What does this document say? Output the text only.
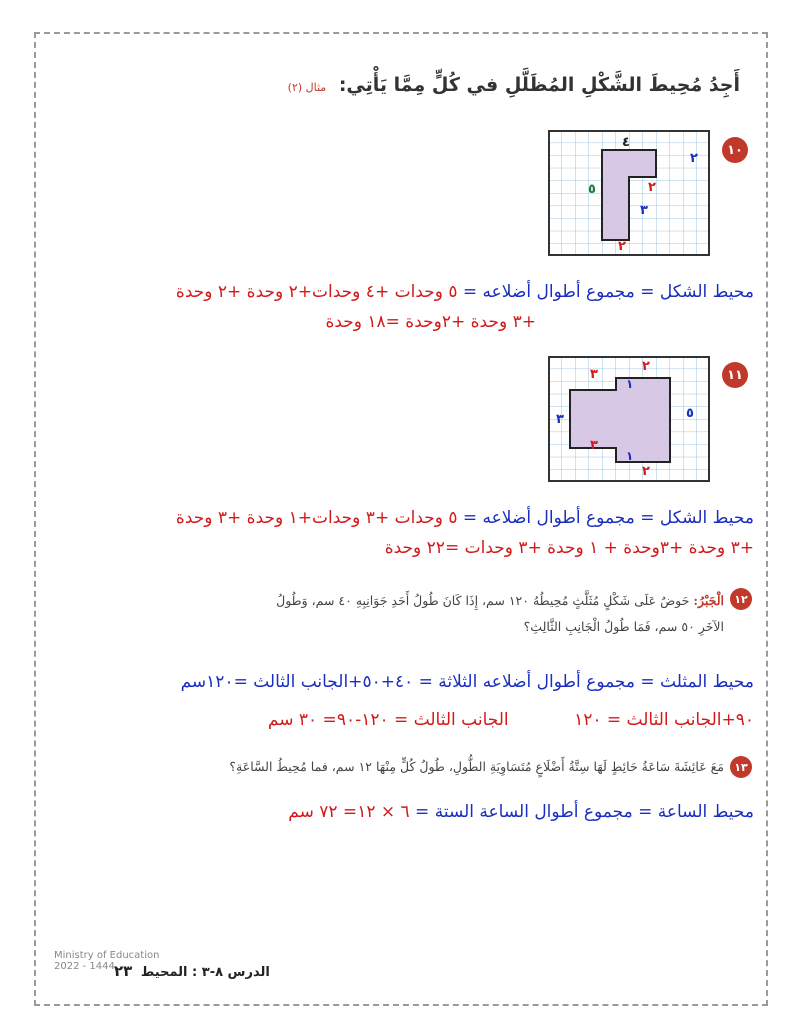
أَجِدُ مُحِيطَ الشَّكْلِ المُظَلَّلِ في كُلٍّ مِمَّا يَأْتِي: مثال (٢)
١٠
٤
٢
٥	٢
٣
٢
محيط الشكل = مجموع أطوال أضلاعه = ٥ وحدات +٤ وحدات+٢ وحدة +٢ وحدة
+٣ وحدة +٢وحدة =١٨ وحدة
١١
٣
٢
١
٣	٥
٣
١
٢
محيط الشكل = مجموع أطوال أضلاعه = ٥ وحدات +٣ وحدات+١ وحدة +٣ وحدة
+٣ وحدة +٣وحدة + ١ وحدة +٣ وحدات =٢٢ وحدة
١٢
الْجَبْرُ: حَوضٌ عَلَى شَكْلٍ مُثَلَّثٍ مُحِيطُهُ ١٢٠ سم، إِذَا كَانَ طُولُ أَحَدِ جَوَانِبِهِ ٤٠ سم، وَطُولُ
الآخَرِ ٥٠ سم، فَمَا طُولُ الْجَانِبِ الثَّالِثِ؟
محيط المثلث = مجموع أطوال أضلاعه الثلاثة = ٤٠+٥٠+الجانب الثالث =١٢٠سم
٩٠+الجانب الثالث = ١٢٠ الجانب الثالث = ١٢٠-٩٠= ٣٠ سم
١٣
مَعَ عَائِشَةَ سَاعَةُ حَائِطٍ لَهَا سِتَّةُ أَضْلَاعٍ مُتَسَاوِيَةِ الطُّولِ، طُولُ كُلٍّ مِنْهَا ١٢ سم، فما مُحِيطُ السَّاعَةِ؟
محيط الساعة = مجموع أطوال الساعة الستة = ٦ × ١٢= ٧٢ سم
Ministry of Education
2022 - 1444	الدرس ٨-٣ : المحيط ٢٣
